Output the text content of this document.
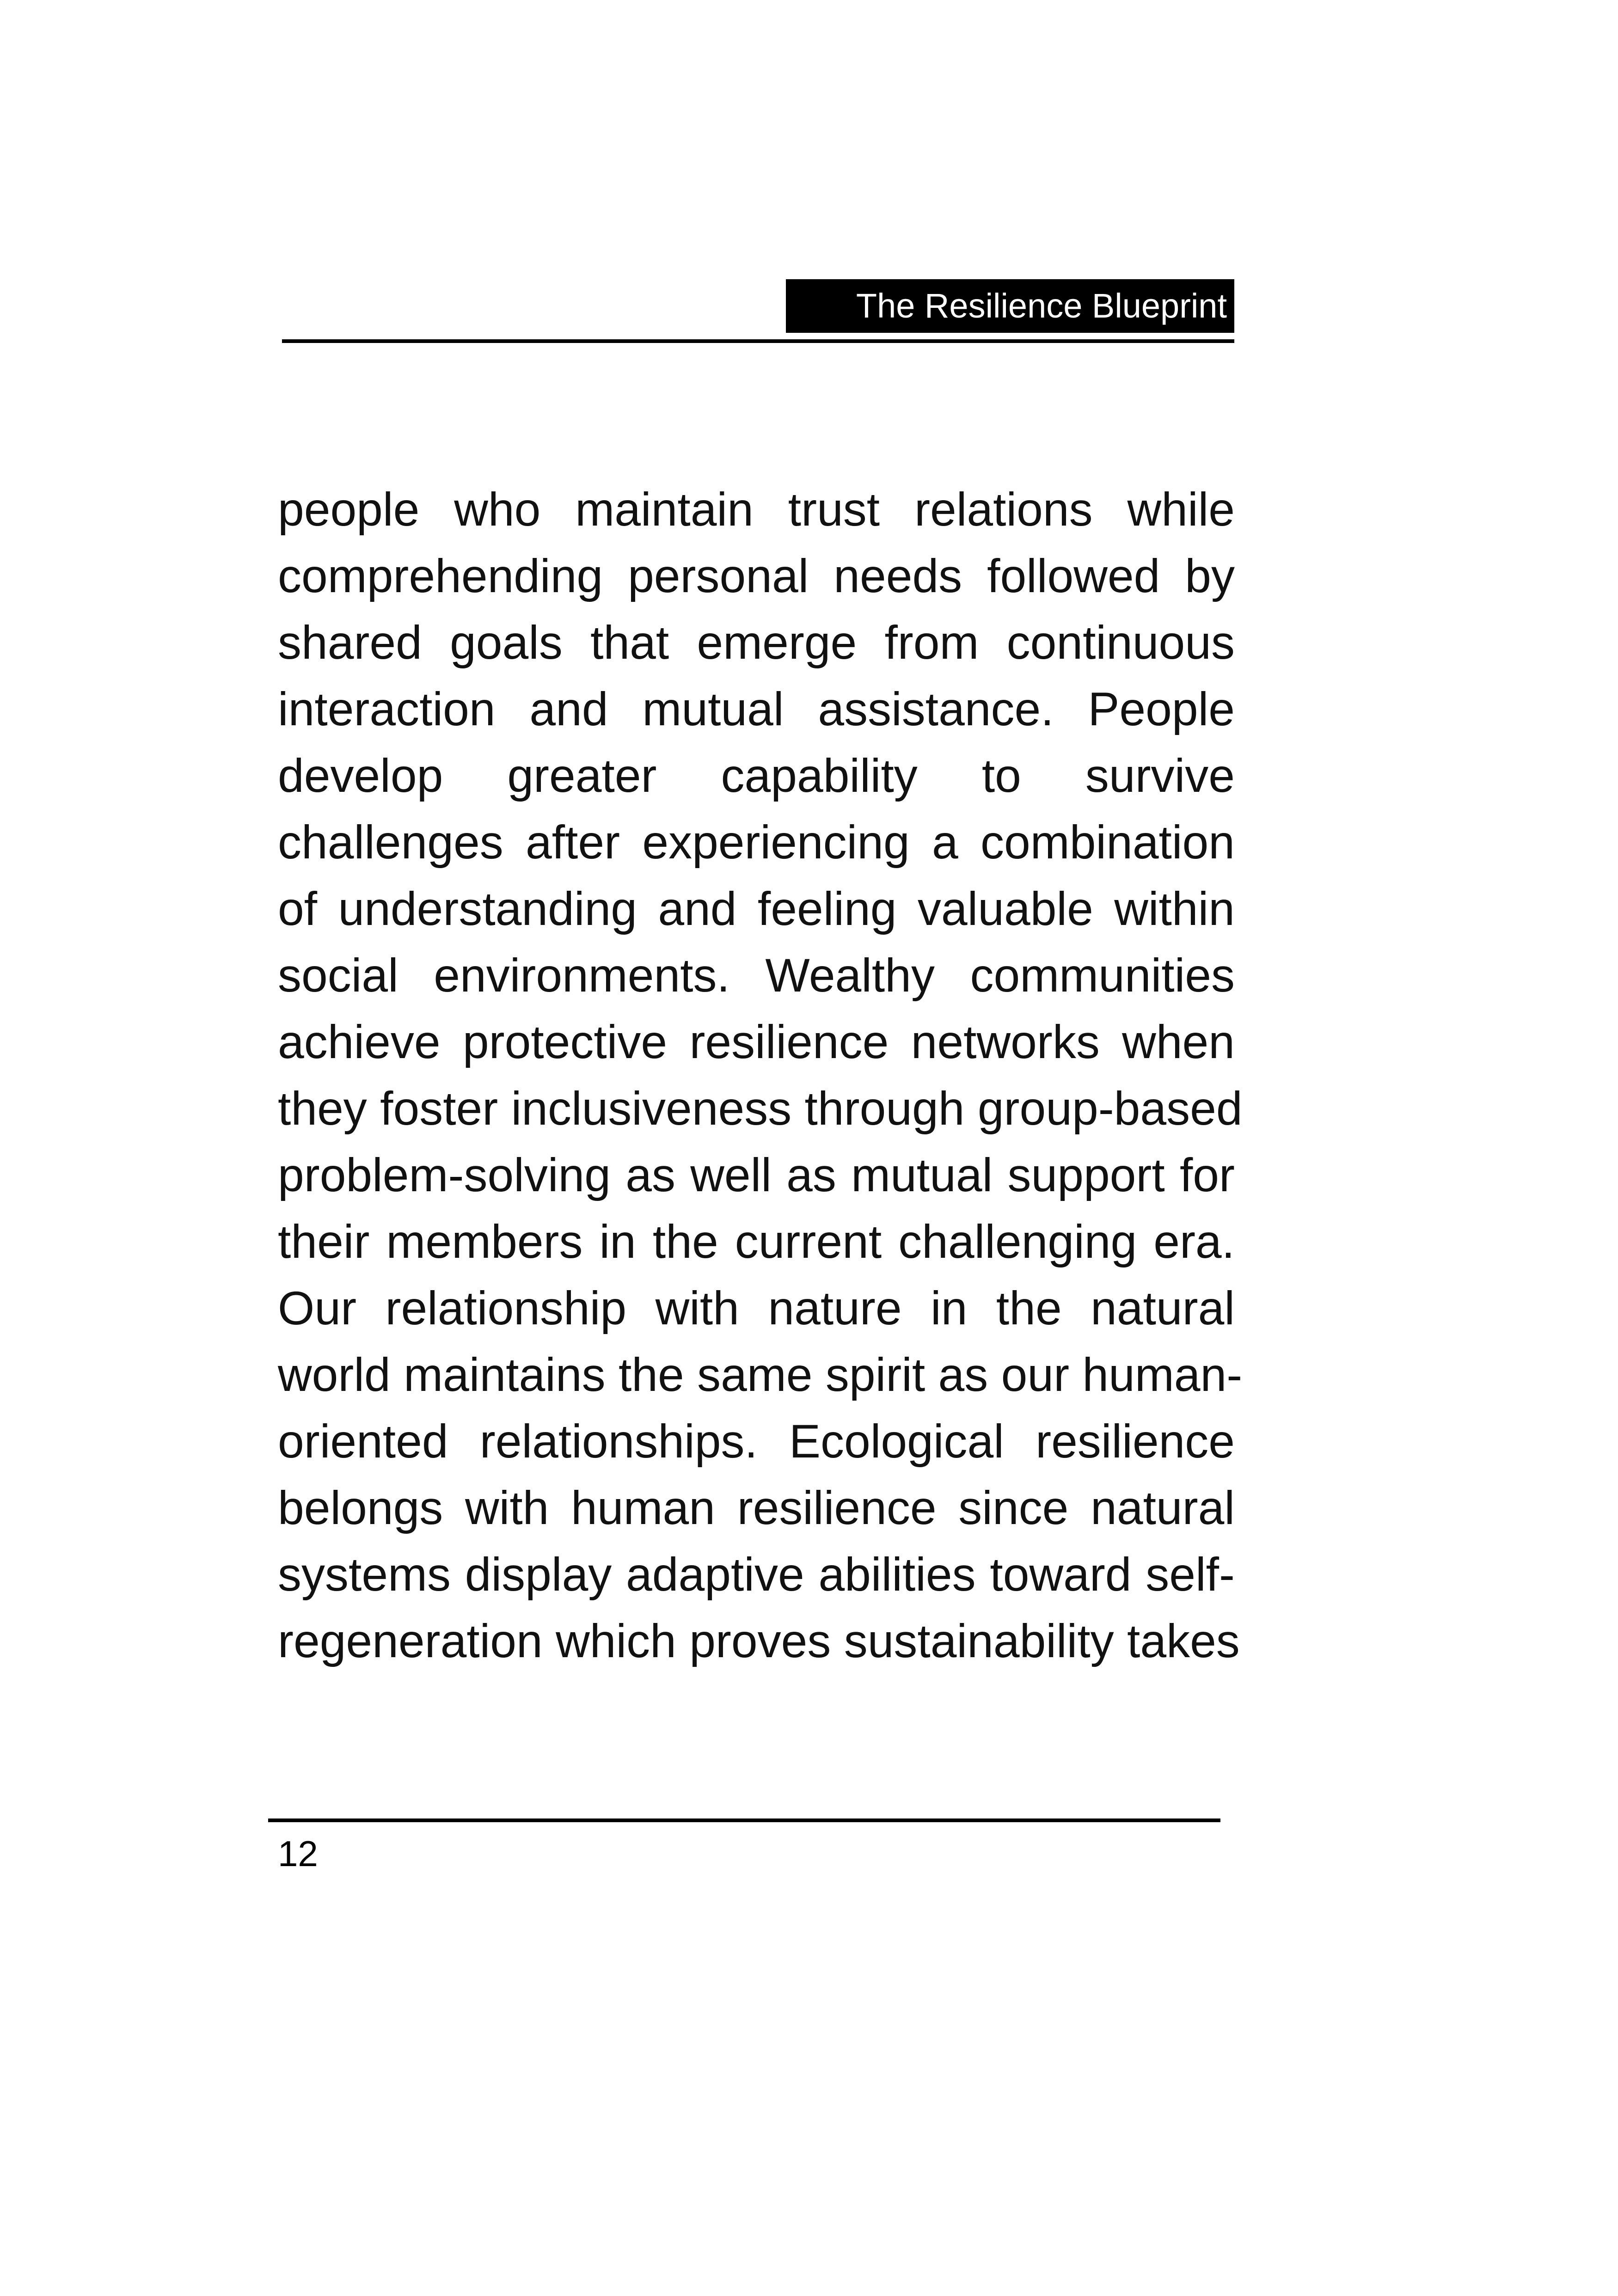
The Resilience Blueprint
people who maintain trust relations while
comprehending personal needs followed by
shared goals that emerge from continuous
interaction and mutual assistance. People
develop greater capability to survive
challenges after experiencing a combination
of understanding and feeling valuable within
social environments. Wealthy communities
achieve protective resilience networks when
they foster inclusiveness through group-based
problem-solving as well as mutual support for
their members in the current challenging era.
Our relationship with nature in the natural
world maintains the same spirit as our human-
oriented relationships. Ecological resilience
belongs with human resilience since natural
systems display adaptive abilities toward self-
regeneration which proves sustainability takes
12
